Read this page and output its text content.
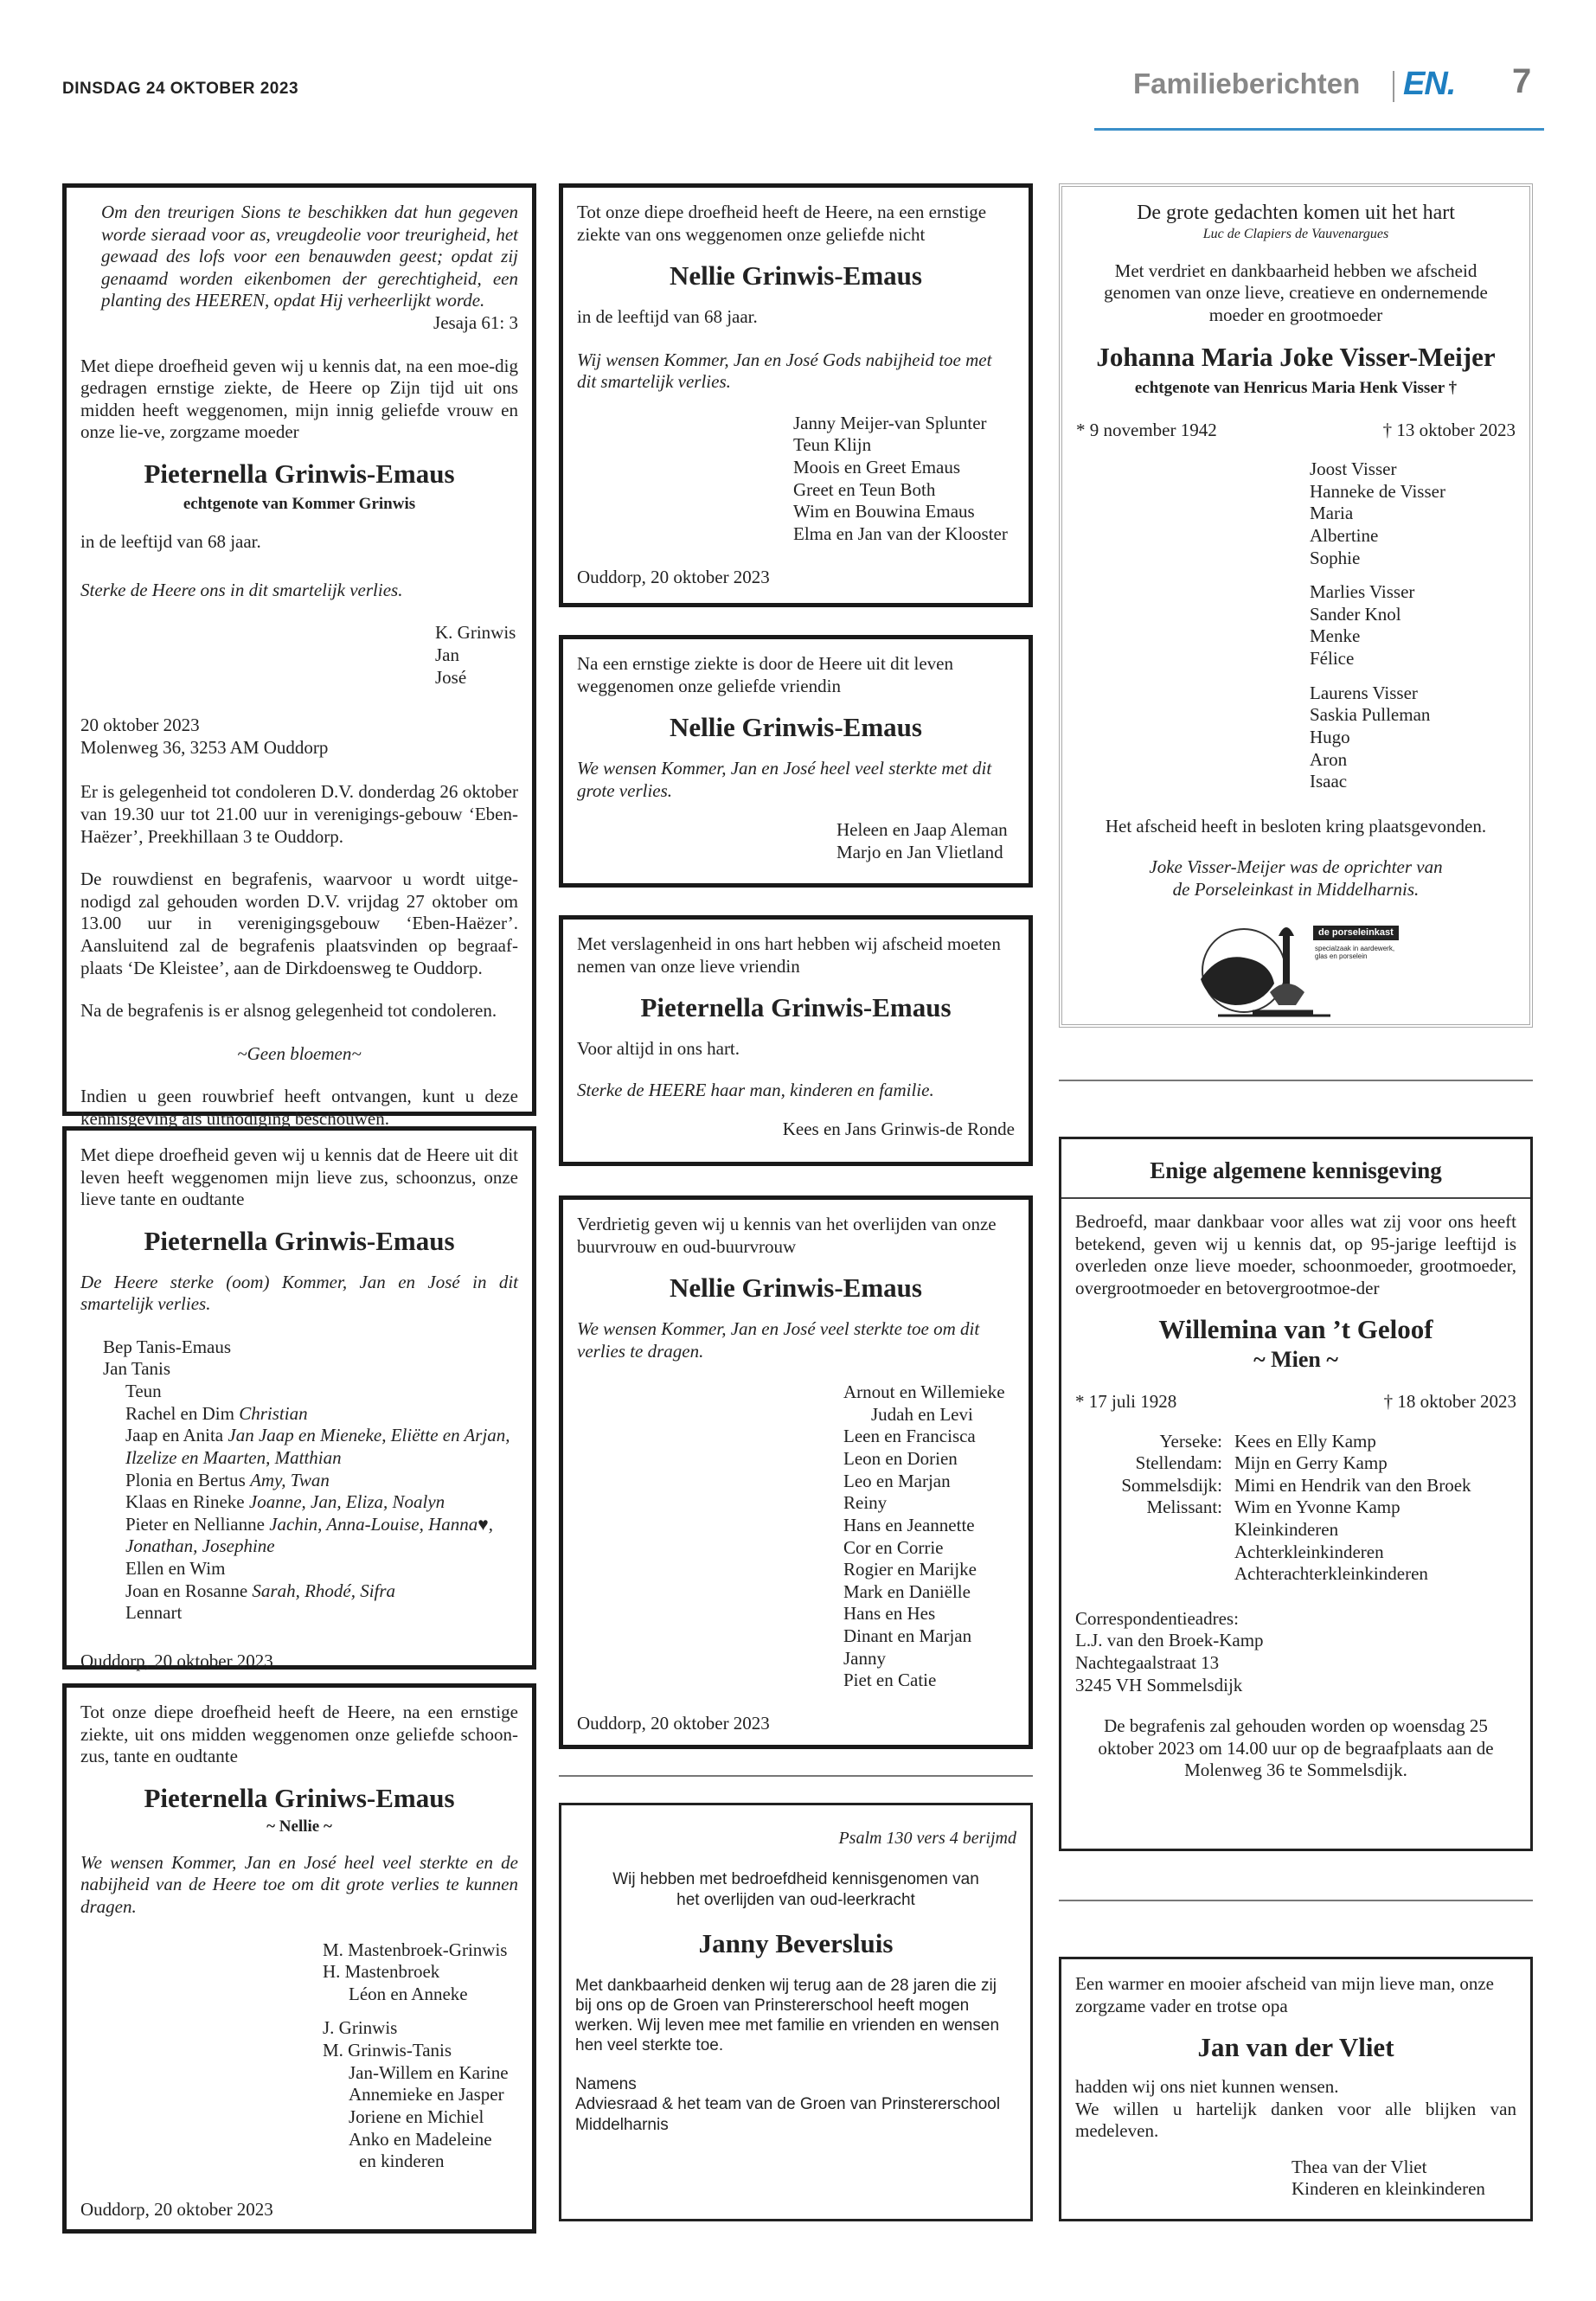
DINSDAG 24 OKTOBER 2023	Familieberichten EN. 7

Om den treurigen Sions te beschikken dat hun gegeven worde sieraad voor as, vreugdeolie voor treurigheid, het gewaad des lofs voor een benauwden geest; opdat zij genaamd worden eikenbomen der gerechtigheid, een planting des HEEREN, opdat Hij verheerlijkt worde.

Jesaja 61: 3

Met diepe droefheid geven wij u kennis dat, na een moe-dig gedragen ernstige ziekte, de Heere op Zijn tijd uit ons midden heeft weggenomen, mijn innig geliefde vrouw en onze lie-ve, zorgzame moeder

Pieternella Grinwis-Emaus
echtgenote van Kommer Grinwis

in de leeftijd van 68 jaar.

Sterke de Heere ons in dit smartelijk verlies.

K. Grinwis
Jan
José
20 oktober 2023

Molenweg 36, 3253 AM Ouddorp

Er is gelegenheid tot condoleren D.V. donderdag 26 oktober van 19.30 uur tot 21.00 uur in verenigings-gebouw ‘Eben-Haëzer’, Preekhillaan 3 te Ouddorp.

De rouwdienst en begrafenis, waarvoor u wordt uitge-nodigd zal gehouden worden D.V. vrijdag 27 oktober om 13.00 uur in verenigingsgebouw ‘Eben-Haëzer’. Aansluitend zal de begrafenis plaatsvinden op begraaf-plaats ‘De Kleistee’, aan de Dirkdoensweg te Ouddorp.

Na de begrafenis is er alsnog gelegenheid tot condoleren.

~Geen bloemen~

Indien u geen rouwbrief heeft ontvangen, kunt u deze kennisgeving als uitnodiging beschouwen.

Met diepe droefheid geven wij u kennis dat de Heere uit dit leven heeft weggenomen mijn lieve zus, schoonzus, onze lieve tante en oudtante

Pieternella Grinwis-Emaus

De Heere sterke (oom) Kommer, Jan en José in dit smartelijk verlies.

Bep Tanis-Emaus
Jan Tanis
Teun
Rachel en Dim Christian
Jaap en Anita Jan Jaap en Mieneke, Eliëtte en Arjan, Ilzelize en Maarten, Matthian
Plonia en Bertus Amy, Twan
Klaas en Rineke Joanne, Jan, Eliza, Noalyn
Pieter en Nellianne Jachin, Anna-Louise, Hanna♥, Jonathan, Josephine
Ellen en Wim
Joan en Rosanne Sarah, Rhodé, Sifra
Lennart
Ouddorp, 20 oktober 2023

Tot onze diepe droefheid heeft de Heere, na een ernstige ziekte, uit ons midden weggenomen onze geliefde schoon-zus, tante en oudtante

Pieternella Griniws-Emaus
~ Nellie ~

We wensen Kommer, Jan en José heel veel sterkte en de nabijheid van de Heere toe om dit grote verlies te kunnen dragen.

M. Mastenbroek-Grinwis
H. Mastenbroek
Léon en Anneke
J. Grinwis
M. Grinwis-Tanis
Jan-Willem en Karine
Annemieke en Jasper
Joriene en Michiel
Anko en Madeleine
en kinderen
Ouddorp, 20 oktober 2023

Tot onze diepe droefheid heeft de Heere, na een ernstige ziekte van ons weggenomen onze geliefde nicht

Nellie Grinwis-Emaus

in de leeftijd van 68 jaar.

Wij wensen Kommer, Jan en José Gods nabijheid toe met dit smartelijk verlies.

Janny Meijer-van Splunter
Teun Klijn
Moois en Greet Emaus
Greet en Teun Both
Wim en Bouwina Emaus
Elma en Jan van der Klooster
Ouddorp, 20 oktober 2023

Na een ernstige ziekte is door de Heere uit dit leven weggenomen onze geliefde vriendin

Nellie Grinwis-Emaus

We wensen Kommer, Jan en José heel veel sterkte met dit grote verlies.

Heleen en Jaap Aleman
Marjo en Jan Vlietland

Met verslagenheid in ons hart hebben wij afscheid moeten nemen van onze lieve vriendin

Pieternella Grinwis-Emaus

Voor altijd in ons hart.

Sterke de HEERE haar man, kinderen en familie.

Kees en Jans Grinwis-de Ronde

Verdrietig geven wij u kennis van het overlijden van onze buurvrouw en oud-buurvrouw

Nellie Grinwis-Emaus

We wensen Kommer, Jan en José veel sterkte toe om dit verlies te dragen.

Arnout en Willemieke
Judah en Levi
Leen en Francisca
Leon en Dorien
Leo en Marjan
Reiny
Hans en Jeannette
Cor en Corrie
Rogier en Marijke
Mark en Daniëlle
Hans en Hes
Dinant en Marjan
Janny
Piet en Catie
Ouddorp, 20 oktober 2023

Psalm 130 vers 4 berijmd

Wij hebben met bedroefdheid kennisgenomen van het overlijden van oud-leerkracht

Janny Beversluis

Met dankbaarheid denken wij terug aan de 28 jaren die zij bij ons op de Groen van Prinstererschool heeft mogen werken. Wij leven mee met familie en vrienden en wensen hen veel sterkte toe.

Namens

Adviesraad & het team van de Groen van Prinstererschool Middelharnis

De grote gedachten komen uit het hart

Luc de Clapiers de Vauvenargues

Met verdriet en dankbaarheid hebben we afscheid genomen van onze lieve, creatieve en ondernemende moeder en grootmoeder

Johanna Maria Joke Visser-Meijer
echtgenote van Henricus Maria Henk Visser †
* 9 november 1942	† 13 oktober 2023
Joost Visser
Hanneke de Visser
Maria
Albertine
Sophie
Marlies Visser
Sander Knol
Menke
Félice
Laurens Visser
Saskia Pulleman
Hugo
Aron
Isaac

Het afscheid heeft in besloten kring plaatsgevonden.

Joke Visser-Meijer was de oprichter van de Porseleinkast in Middelharnis.

de porseleinkast
specialzaak in aardewerk, glas en porselein
Enige algemene kennisgeving

Bedroefd, maar dankbaar voor alles wat zij voor ons heeft betekend, geven wij u kennis dat, op 95-jarige leeftijd is overleden onze lieve moeder, schoonmoeder, grootmoeder, overgrootmoeder en betovergrootmoe-der

Willemina van ’t Geloof
~ Mien ~
* 17 juli 1928	† 18 oktober 2023
Yerseke: Kees en Elly Kamp
Stellendam: Mijn en Gerry Kamp
Sommelsdijk: Mimi en Hendrik van den Broek
Melissant: Wim en Yvonne Kamp
Kleinkinderen
Achterkleinkinderen
Achterachterkleinkinderen
Correspondentieadres:
L.J. van den Broek-Kamp
Nachtegaalstraat 13
3245 VH Sommelsdijk

De begrafenis zal gehouden worden op woensdag 25 oktober 2023 om 14.00 uur op de begraafplaats aan de Molenweg 36 te Sommelsdijk.

Een warmer en mooier afscheid van mijn lieve man, onze zorgzame vader en trotse opa

Jan van der Vliet
hadden wij ons niet kunnen wensen.

We willen u hartelijk danken voor alle blijken van medeleven.

Thea van der Vliet
Kinderen en kleinkinderen
